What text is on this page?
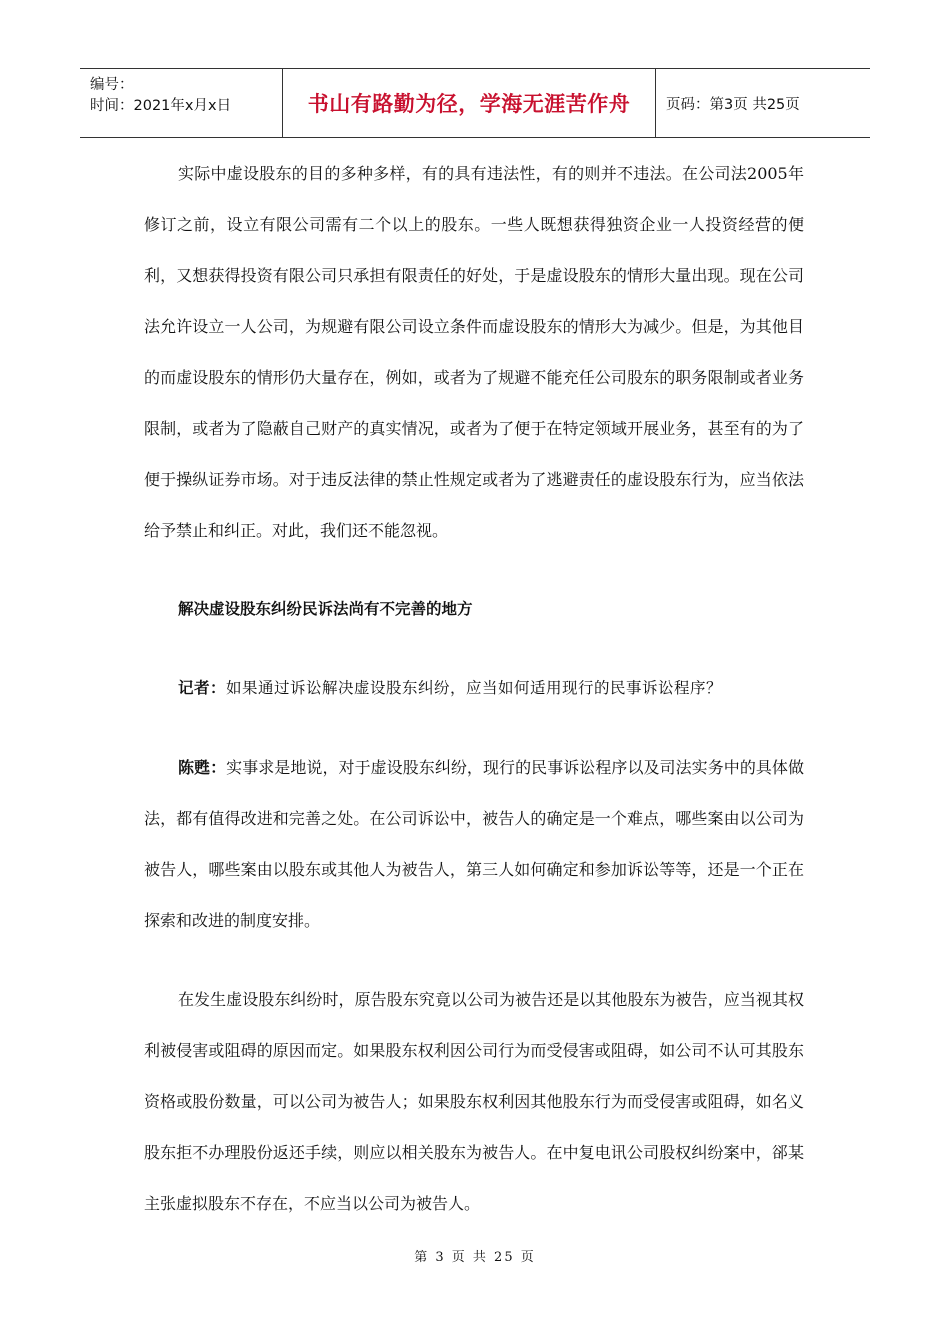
编号：
时间：2021年x月x日	书山有路勤为径，学海无涯苦作舟	页码：第3页 共25页

实际中虚设股东的目的多种多样，有的具有违法性，有的则并不违法。在公司法2005年修订之前，设立有限公司需有二个以上的股东。一些人既想获得独资企业一人投资经营的便利，又想获得投资有限公司只承担有限责任的好处，于是虚设股东的情形大量出现。现在公司法允许设立一人公司，为规避有限公司设立条件而虚设股东的情形大为减少。但是，为其他目的而虚设股东的情形仍大量存在，例如，或者为了规避不能充任公司股东的职务限制或者业务限制，或者为了隐蔽自己财产的真实情况，或者为了便于在特定领域开展业务，甚至有的为了便于操纵证券市场。对于违反法律的禁止性规定或者为了逃避责任的虚设股东行为，应当依法给予禁止和纠正。对此，我们还不能忽视。

解决虚设股东纠纷民诉法尚有不完善的地方

记者：如果通过诉讼解决虚设股东纠纷，应当如何适用现行的民事诉讼程序？

陈甦：实事求是地说，对于虚设股东纠纷，现行的民事诉讼程序以及司法实务中的具体做法，都有值得改进和完善之处。在公司诉讼中，被告人的确定是一个难点，哪些案由以公司为被告人，哪些案由以股东或其他人为被告人，第三人如何确定和参加诉讼等等，还是一个正在探索和改进的制度安排。

在发生虚设股东纠纷时，原告股东究竟以公司为被告还是以其他股东为被告，应当视其权利被侵害或阻碍的原因而定。如果股东权利因公司行为而受侵害或阻碍，如公司不认可其股东资格或股份数量，可以公司为被告人；如果股东权利因其他股东行为而受侵害或阻碍，如名义股东拒不办理股份返还手续，则应以相关股东为被告人。在中复电讯公司股权纠纷案中，郤某主张虚拟股东不存在，不应当以公司为被告人。

第 3 页 共 25 页
